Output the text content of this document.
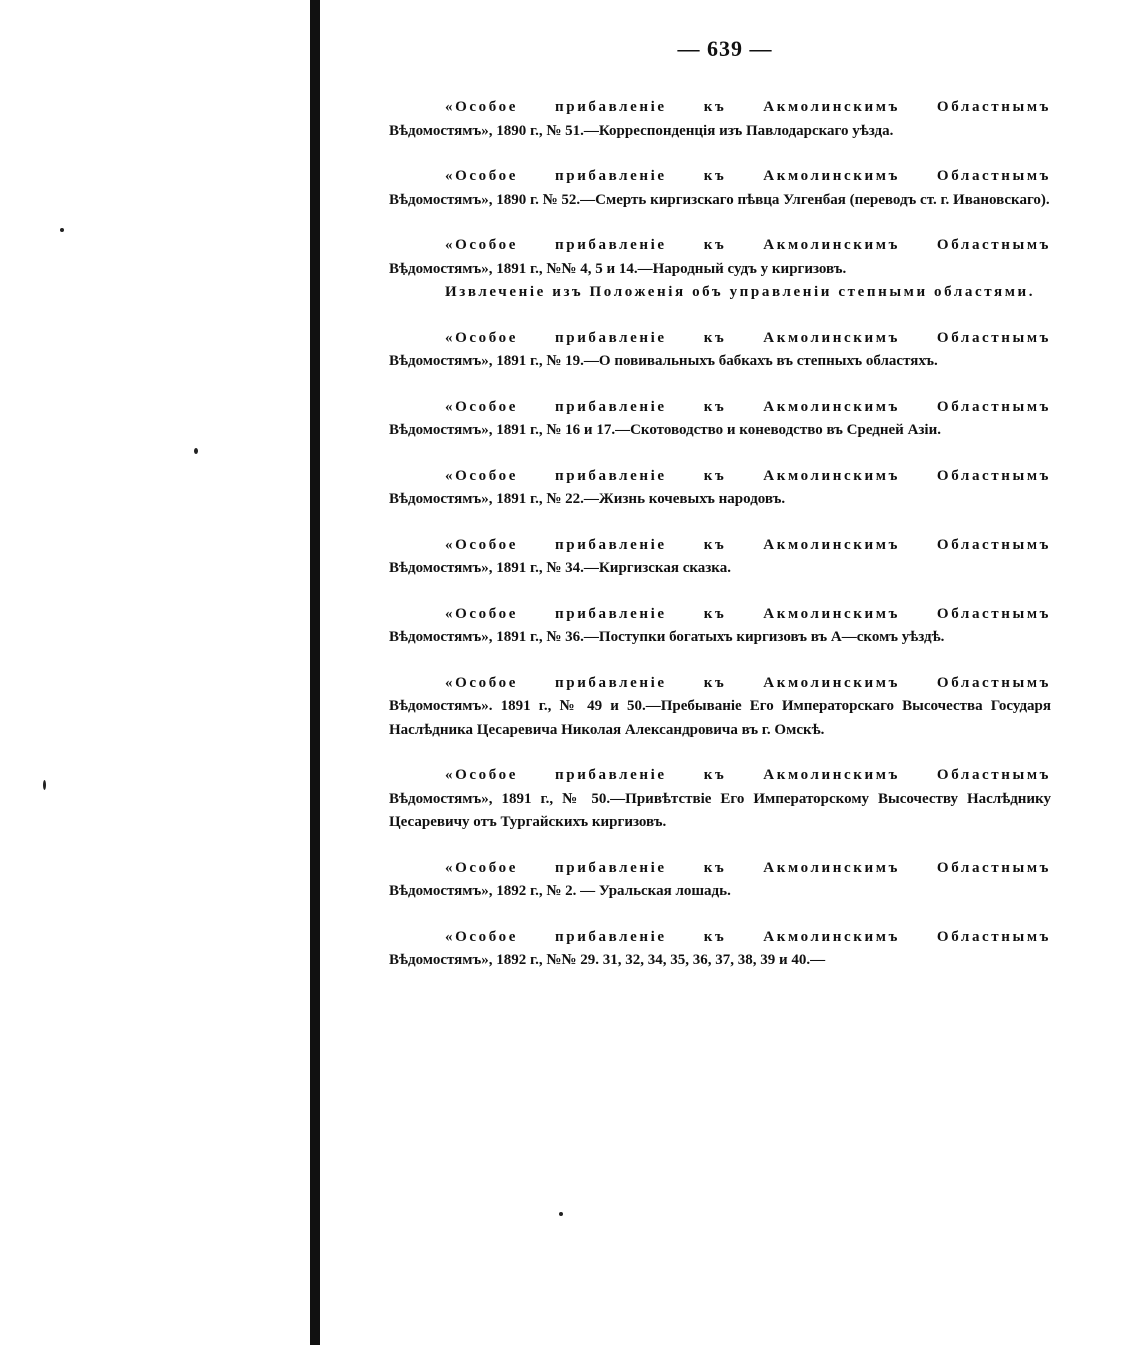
— 639 —

«Особое прибавленіе къ Акмолинскимъ Областнымъ
Вѣдомостямъ», 1890 г., № 51.—Корреспонденція изъ Павлодарскаго уѣзда.

«Особое прибавленіе къ Акмолинскимъ Областнымъ
Вѣдомостямъ», 1890 г. № 52.—Смерть киргизскаго пѣвца Улгенбая (переводъ ст. г. Ивановскаго).

«Особое прибавленіе къ Акмолинскимъ Областнымъ
Вѣдомостямъ», 1891 г., №№ 4, 5 и 14.—Народный судъ у киргизовъ.
Извлеченіе изъ Положенія объ управленіи степными областями.

«Особое прибавленіе къ Акмолинскимъ Областнымъ
Вѣдомостямъ», 1891 г., № 19.—О повивальныхъ бабкахъ въ степныхъ областяхъ.

«Особое прибавленіе къ Акмолинскимъ Областнымъ
Вѣдомостямъ», 1891 г., № 16 и 17.—Скотоводство и коневодство въ Средней Азіи.

«Особое прибавленіе къ Акмолинскимъ Областнымъ
Вѣдомостямъ», 1891 г., № 22.—Жизнь кочевыхъ народовъ.

«Особое прибавленіе къ Акмолинскимъ Областнымъ
Вѣдомостямъ», 1891 г., № 34.—Киргизская сказка.

«Особое прибавленіе къ Акмолинскимъ Областнымъ
Вѣдомостямъ», 1891 г., № 36.—Поступки богатыхъ киргизовъ въ А—скомъ уѣздѣ.

«Особое прибавленіе къ Акмолинскимъ Областнымъ
Вѣдомостямъ». 1891 г., № 49 и 50.—Пребываніе Его Императорскаго Высочества Государя Наслѣдника Цесаревича Николая Александровича въ г. Омскѣ.

«Особое прибавленіе къ Акмолинскимъ Областнымъ
Вѣдомостямъ», 1891 г., № 50.—Привѣтствіе Его Императорскому Высочеству Наслѣднику Цесаревичу отъ Тургайскихъ киргизовъ.

«Особое прибавленіе къ Акмолинскимъ Областнымъ
Вѣдомостямъ», 1892 г., № 2. — Уральская лошадь.

«Особое прибавленіе къ Акмолинскимъ Областнымъ
Вѣдомостямъ», 1892 г., №№ 29. 31, 32, 34, 35, 36, 37, 38, 39 и 40.—
